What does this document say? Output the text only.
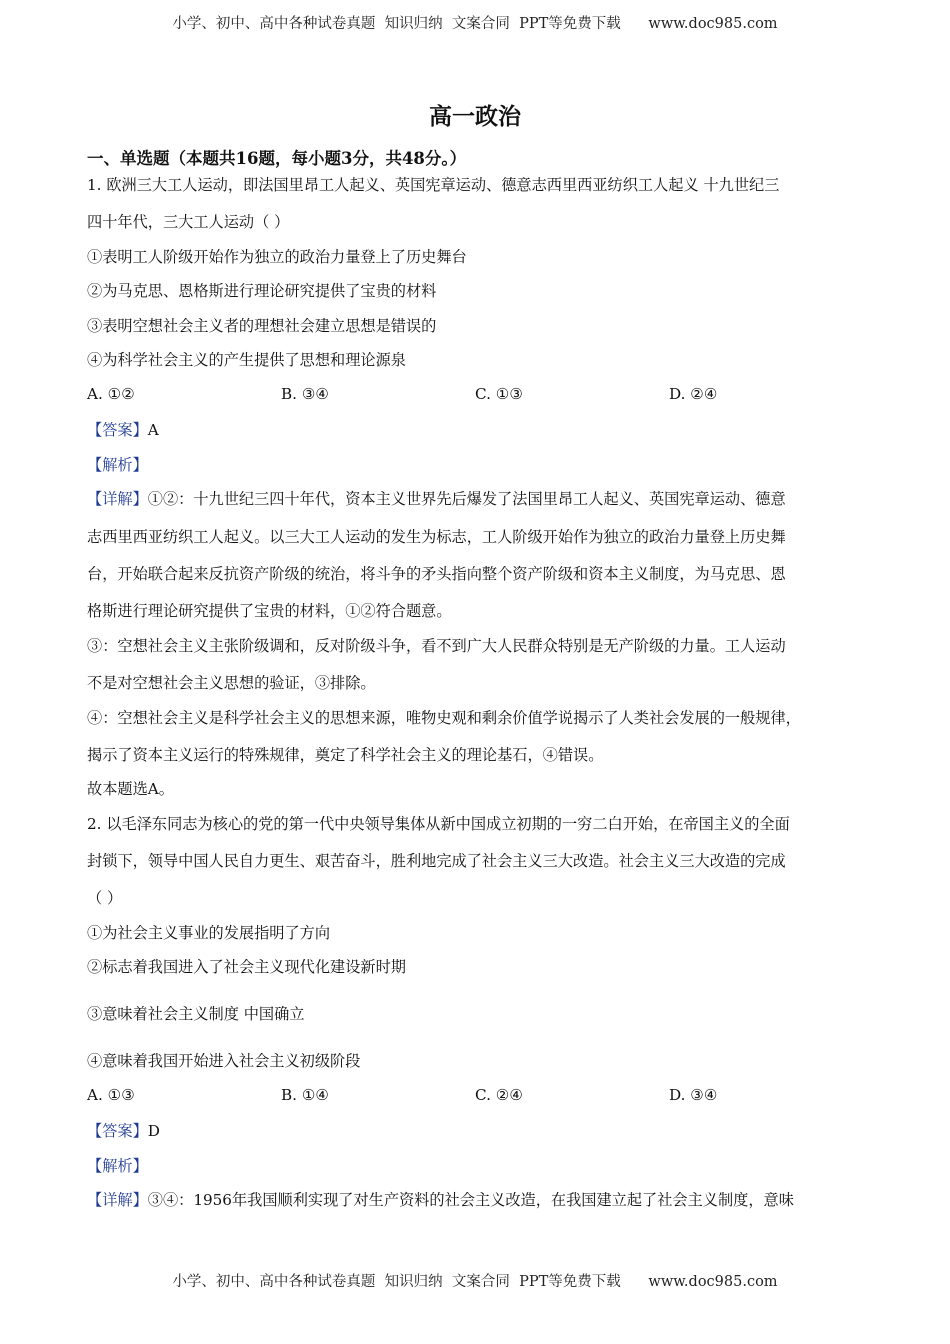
小学、初中、高中各种试卷真题  知识归纳  文案合同  PPT等免费下载      www.doc985.com
高一政治
一、单选题（本题共16题，每小题3分，共48分。）
1. 欧洲三大工人运动，即法国里昂工人起义、英国宪章运动、德意志西里西亚纺织工人起义 十九世纪三
四十年代，三大工人运动（ ）
①表明工人阶级开始作为独立的政治力量登上了历史舞台
②为马克思、恩格斯进行理论研究提供了宝贵的材料
③表明空想社会主义者的理想社会建立思想是错误的
④为科学社会主义的产生提供了思想和理论源泉
A. ①②	B. ③④	C. ①③	D. ②④
【答案】A
【解析】
【详解】①②：十九世纪三四十年代，资本主义世界先后爆发了法国里昂工人起义、英国宪章运动、德意
志西里西亚纺织工人起义。以三大工人运动的发生为标志，工人阶级开始作为独立的政治力量登上历史舞
台，开始联合起来反抗资产阶级的统治，将斗争的矛头指向整个资产阶级和资本主义制度，为马克思、恩
格斯进行理论研究提供了宝贵的材料，①②符合题意。
③：空想社会主义主张阶级调和，反对阶级斗争，看不到广大人民群众特别是无产阶级的力量。工人运动
不是对空想社会主义思想的验证，③排除。
④：空想社会主义是科学社会主义的思想来源，唯物史观和剩余价值学说揭示了人类社会发展的一般规律，
揭示了资本主义运行的特殊规律，奠定了科学社会主义的理论基石，④错误。
故本题选A。
2. 以毛泽东同志为核心的党的第一代中央领导集体从新中国成立初期的一穷二白开始，在帝国主义的全面
封锁下，领导中国人民自力更生、艰苦奋斗，胜利地完成了社会主义三大改造。社会主义三大改造的完成
（ ）
①为社会主义事业的发展指明了方向
②标志着我国进入了社会主义现代化建设新时期
③意味着社会主义制度 中国确立
④意味着我国开始进入社会主义初级阶段
A. ①③	B. ①④	C. ②④	D. ③④
【答案】D
【解析】
【详解】③④：1956年我国顺利实现了对生产资料的社会主义改造，在我国建立起了社会主义制度，意味
小学、初中、高中各种试卷真题  知识归纳  文案合同  PPT等免费下载      www.doc985.com
